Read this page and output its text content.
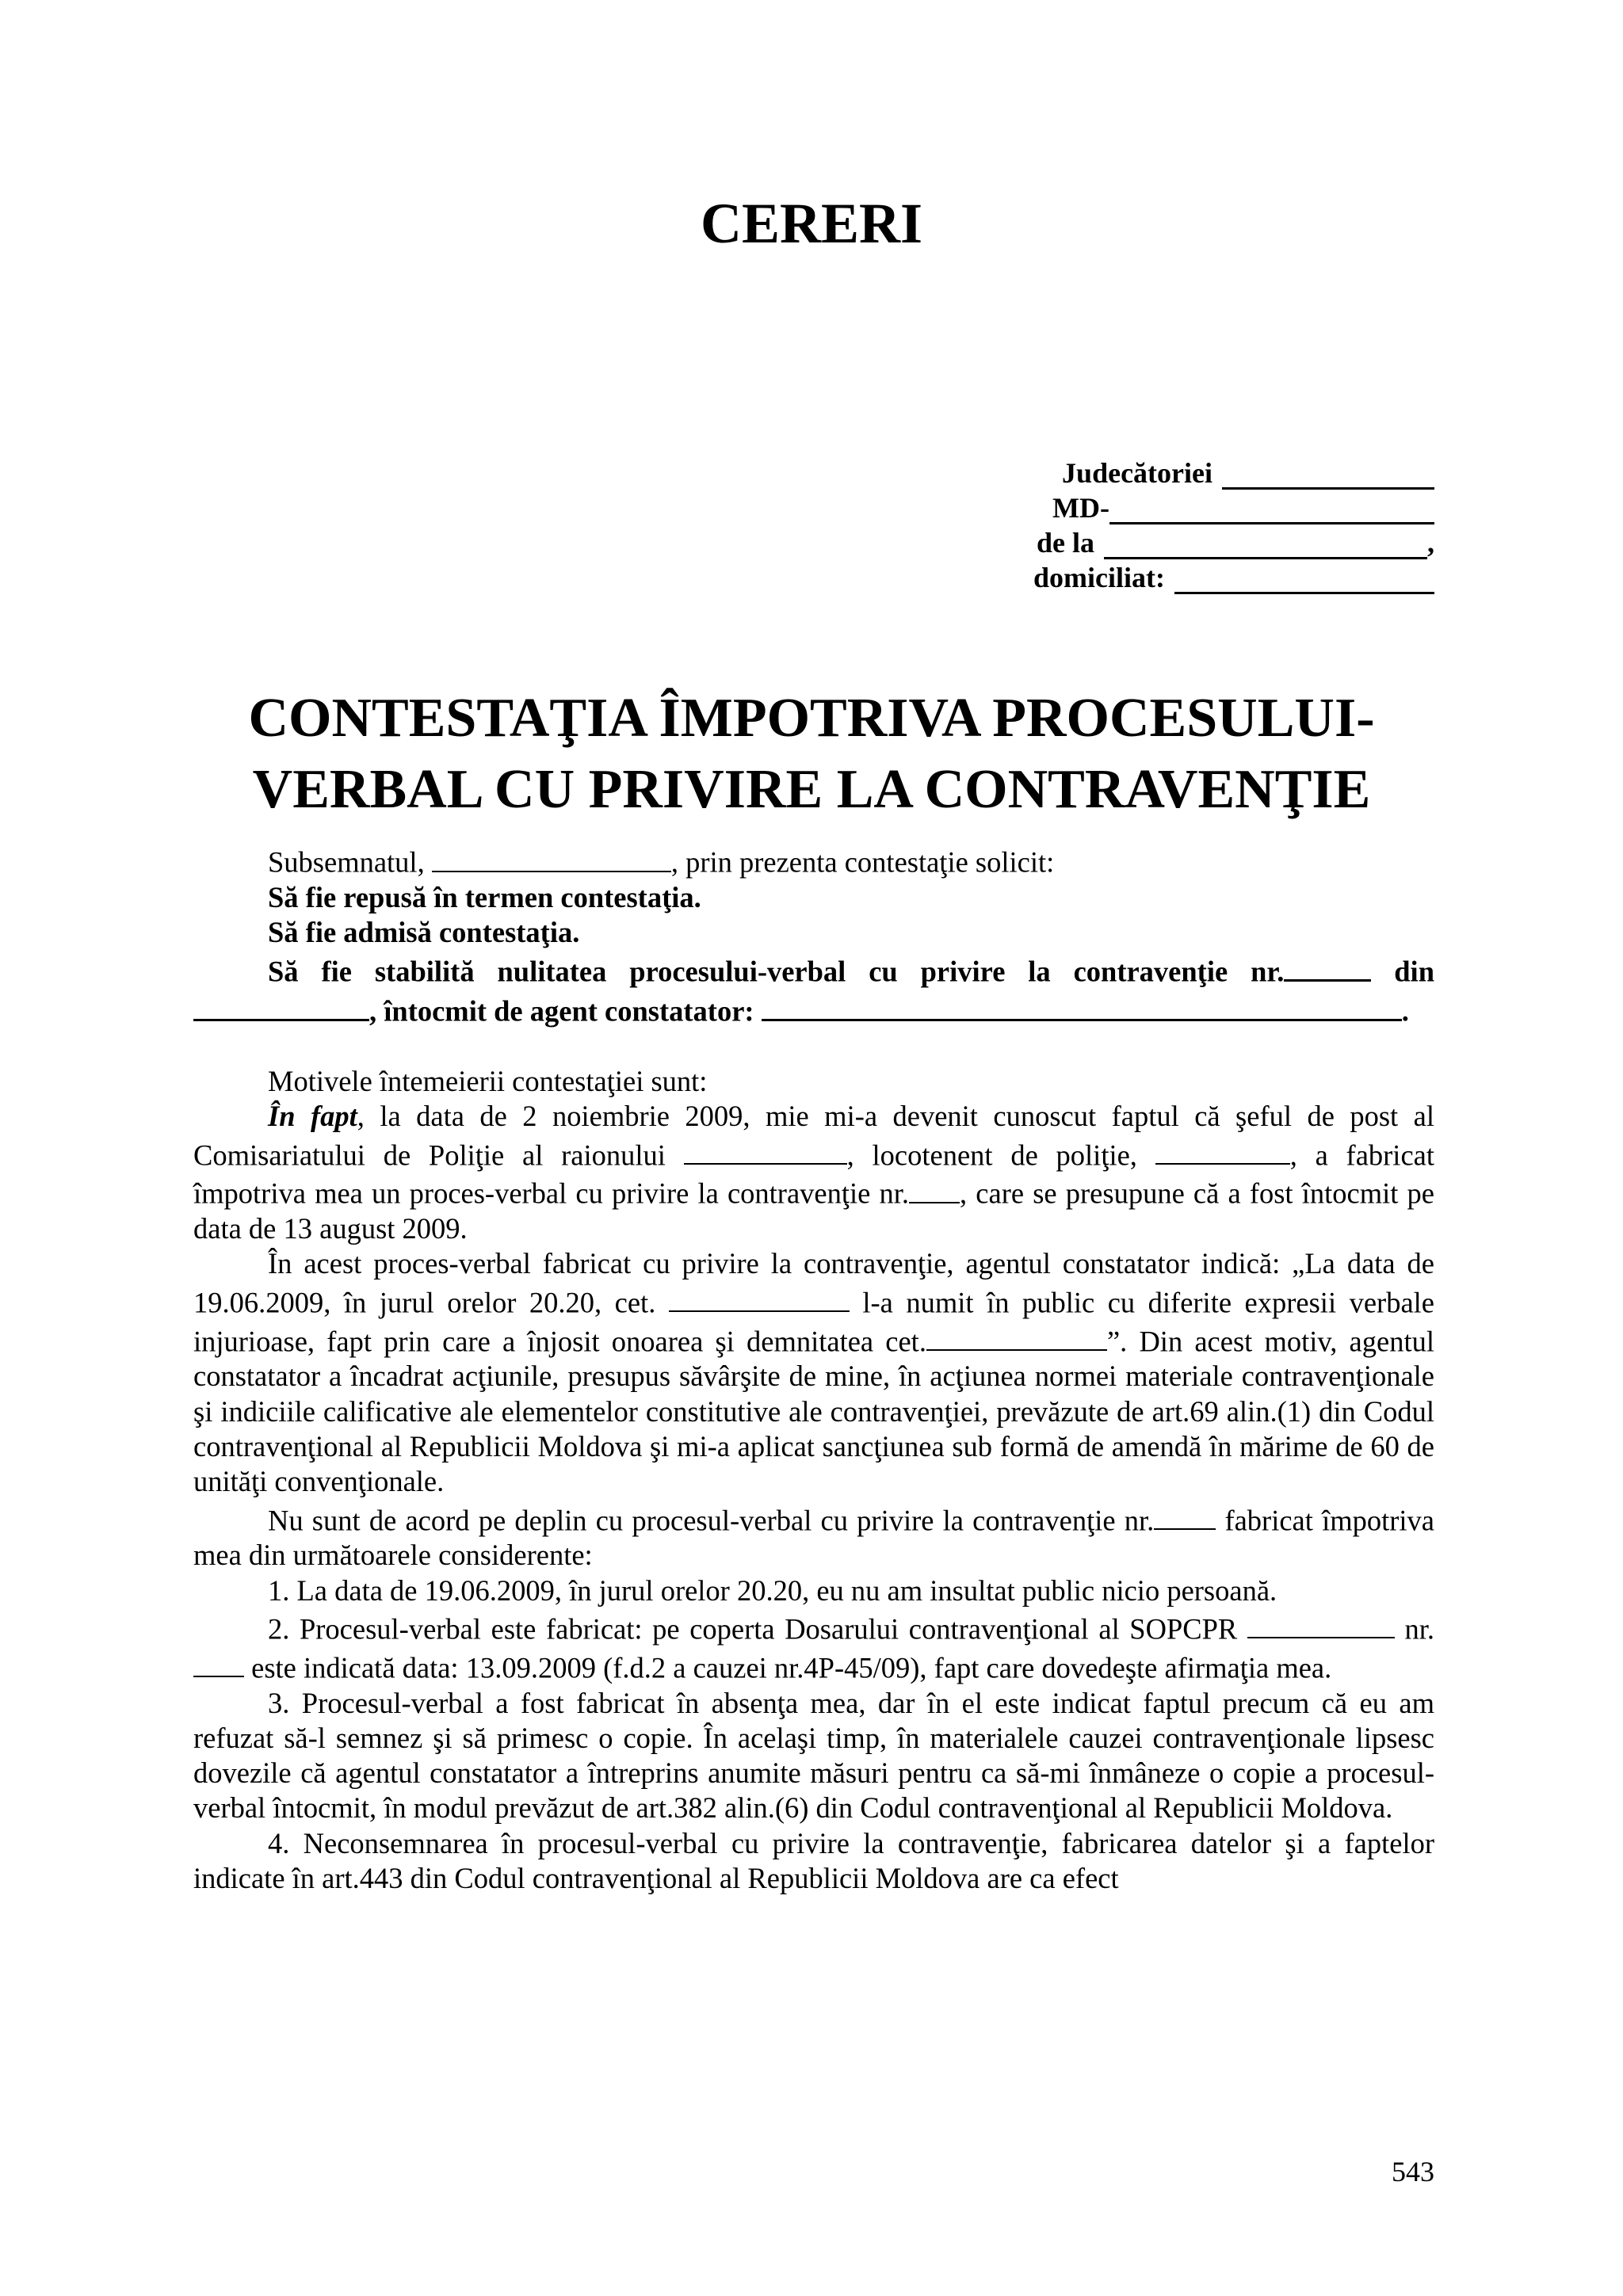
CERERI
Judecătoriei
MD-
de la	,
domiciliat:
CONTESTAŢIA ÎMPOTRIVA PROCESULUI-
VERBAL CU PRIVIRE LA CONTRAVENŢIE

Subsemnatul,	, prin prezenta contestaţie solicit:

Să fie repusă în termen contestaţia.

Să fie admisă contestaţia.

Să fie stabilită nulitatea procesului-verbal cu privire la contravenţie nr.	din , întocmit de agent constatator:	.

Motivele întemeierii contestaţiei sunt:

În fapt, la data de 2 noiembrie 2009, mie mi-a devenit cunoscut faptul că şeful de post al Comisariatului de Poliţie al raionului	, locotenent de poliţie,	, a fabricat împotriva mea un proces-verbal cu privire la contravenţie nr. , care se presupune că a fost întocmit pe data de 13 august 2009.

În acest proces-verbal fabricat cu privire la contravenţie, agentul constatator indică: „La data de 19.06.2009, în jurul orelor 20.20, cet.	l-a numit în public cu diferite expresii verbale injurioase, fapt prin care a înjosit onoarea şi demnitatea cet.	”. Din acest motiv, agentul constatator a încadrat acţiunile, presupus săvârşite de mine, în acţiunea normei materiale contravenţionale şi indiciile calificative ale elementelor constitutive ale contravenţiei, prevăzute de art.69 alin.(1) din Codul contravenţional al Republicii Moldova şi mi-a aplicat sancţiunea sub formă de amendă în mărime de 60 de unităţi convenţionale.

Nu sunt de acord pe deplin cu procesul-verbal cu privire la contravenţie nr. fabricat împotriva mea din următoarele considerente:

1. La data de 19.06.2009, în jurul orelor 20.20, eu nu am insultat public nicio persoană.

2. Procesul-verbal este fabricat: pe coperta Dosarului contravenţional al SOPCPR	nr. este indicată data: 13.09.2009 (f.d.2 a cauzei nr.4P-45/09), fapt care dovedeşte afirmaţia mea.

3. Procesul-verbal a fost fabricat în absenţa mea, dar în el este indicat faptul precum că eu am refuzat să-l semnez şi să primesc o copie. În acelaşi timp, în materialele cauzei contravenţionale lipsesc dovezile că agentul constatator a întreprins anumite măsuri pentru ca să-mi înmâneze o copie a procesul-verbal întocmit, în modul prevăzut de art.382 alin.(6) din Codul contravenţional al Republicii Moldova.

4. Neconsemnarea în procesul-verbal cu privire la contravenţie, fabricarea datelor şi a faptelor indicate în art.443 din Codul contravenţional al Republicii Moldova are ca efect

543
